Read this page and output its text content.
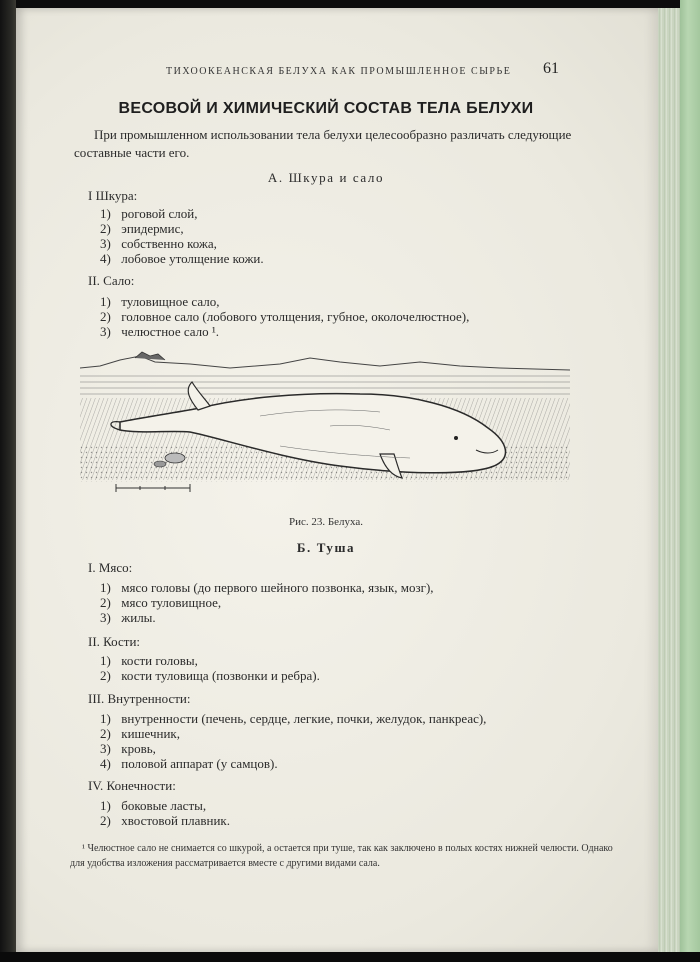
ТИХООКЕАНСКАЯ БЕЛУХА КАК ПРОМЫШЛЕННОЕ СЫРЬЕ 61
ВЕСОВОЙ И ХИМИЧЕСКИЙ СОСТАВ ТЕЛА БЕЛУХИ
При промышленном использовании тела белухи целесообразно различать следующие составные части его.
А. Шкура и сало
I Шкура:
1) роговой слой,
2) эпидермис,
3) собственно кожа,
4) лобовое утолщение кожи.
II. Сало:
1) туловищное сало,
2) головное сало (лобового утолщения, губное, околочелюстное),
3) челюстное сало ¹.
Рис. 23. Белуха.
Б. Туша
I. Мясо:
1) мясо головы (до первого шейного позвонка, язык, мозг),
2) мясо туловищное,
3) жилы.
II. Кости:
1) кости головы,
2) кости туловища (позвонки и ребра).
III. Внутренности:
1) внутренности (печень, сердце, легкие, почки, желудок, панкреас),
2) кишечник,
3) кровь,
4) половой аппарат (у самцов).
IV. Конечности:
1) боковые ласты,
2) хвостовой плавник.
¹ Челюстное сало не снимается со шкурой, а остается при туше, так как заключено в полых костях нижней челюсти. Однако для удобства изложения рассматривается вместе с другими видами сала.
